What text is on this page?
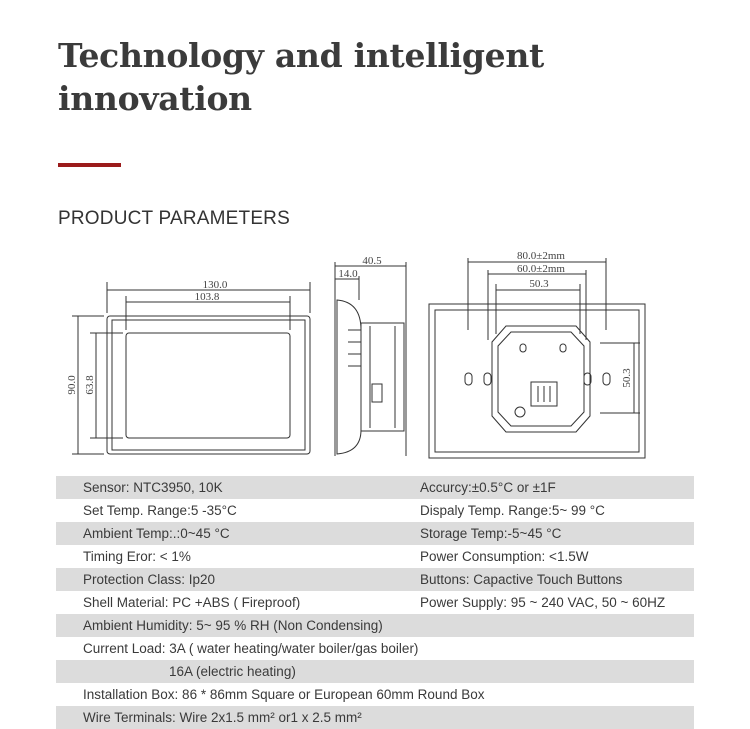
Technology and intelligent
innovation
PRODUCT PARAMETERS
130.0
103.8
90.0 63.8
40.5
14.0
80.0±2mm
60.0±2mm
50.3
50.3
Sensor: NTC3950, 10K	Accurcy:±0.5°C or ±1F
Set Temp. Range:5 -35°C	Dispaly Temp. Range:5~ 99 °C
Ambient Temp:.:0~45 °C	Storage Temp:-5~45 °C
Timing Eror: < 1%	Power Consumption: <1.5W
Protection Class: Ip20	Buttons: Capactive Touch Buttons
Shell Material: PC +ABS ( Fireproof)	Power Supply: 95 ~ 240 VAC, 50 ~ 60HZ
Ambient Humidity: 5~ 95 % RH (Non Condensing)
Current Load: 3A ( water heating/water boiler/gas boiler)
16A (electric heating)
Installation Box: 86 * 86mm Square or European 60mm Round Box
Wire Terminals: Wire 2x1.5 mm² or1 x 2.5 mm²
